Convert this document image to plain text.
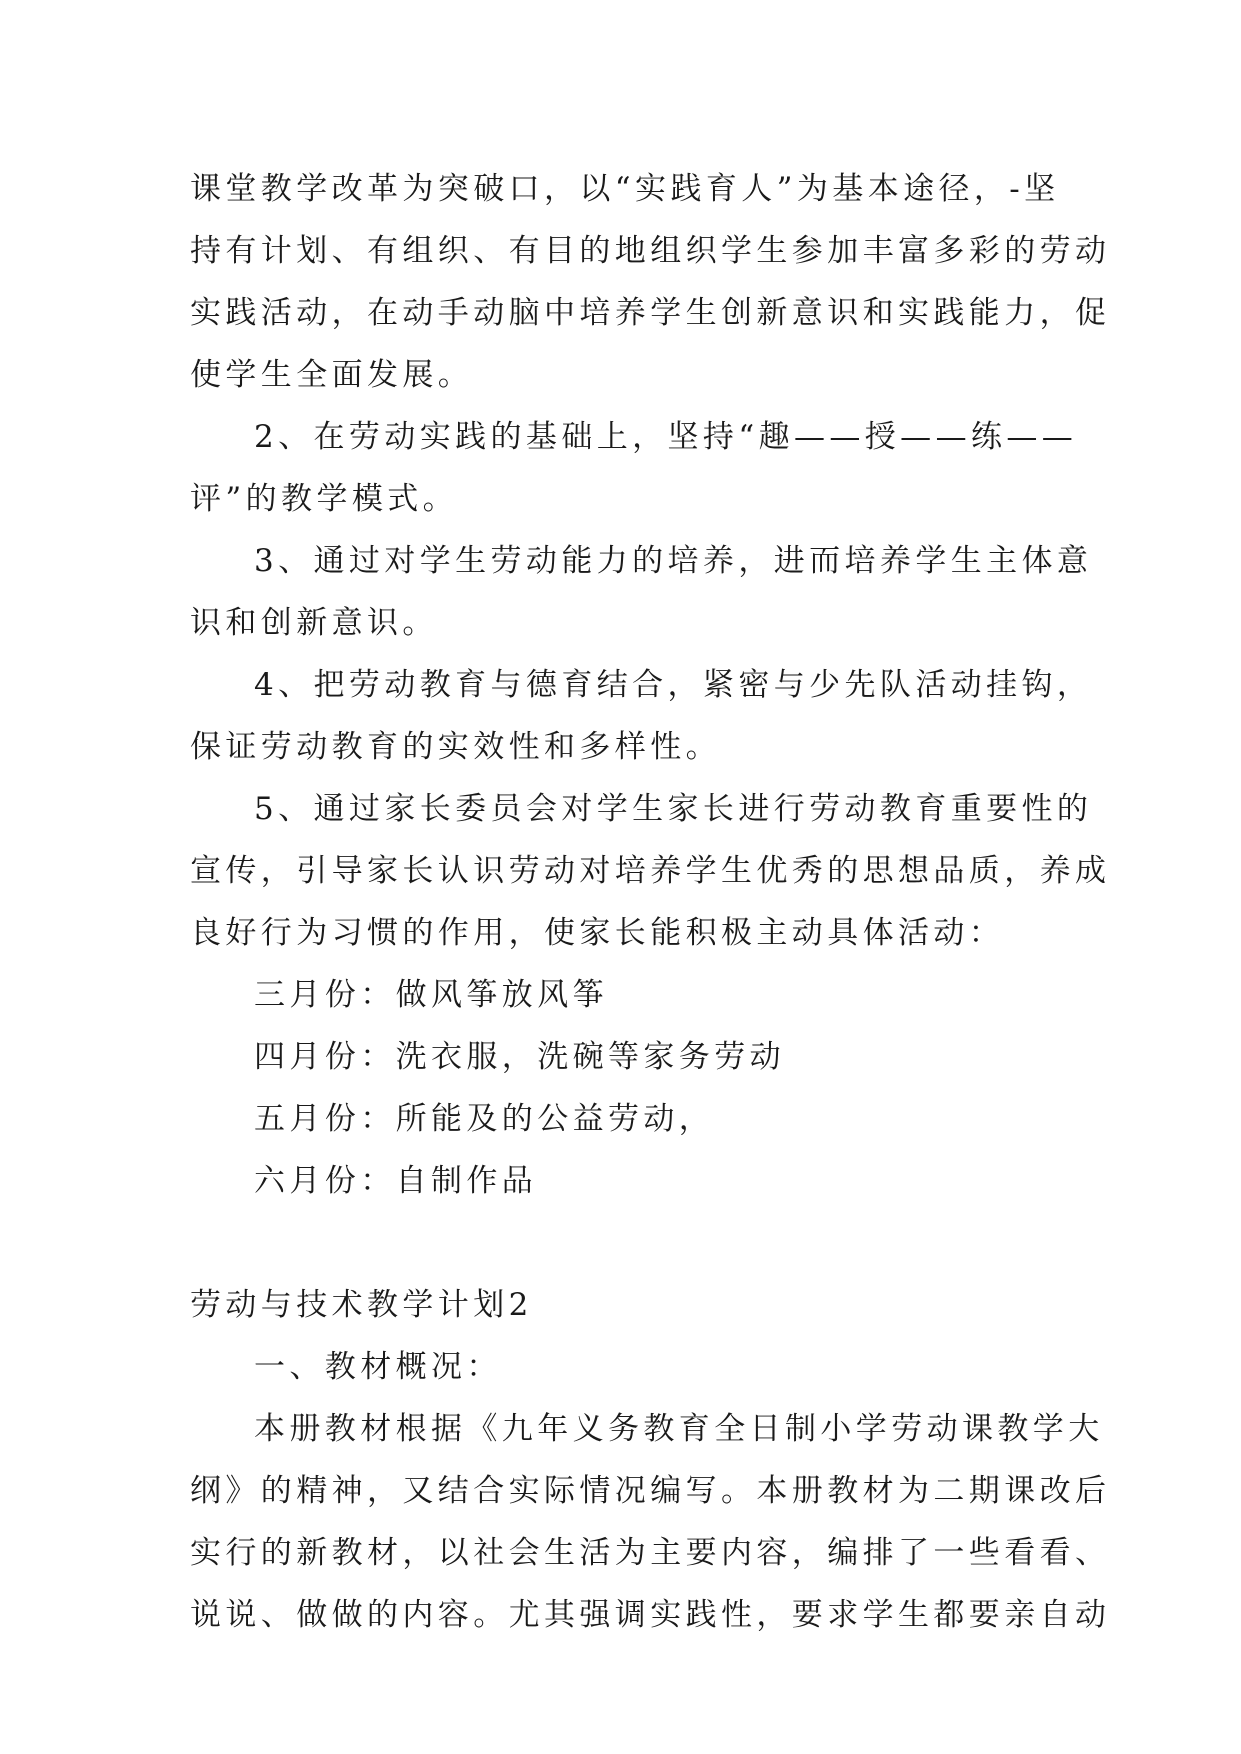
课堂教学改革为突破口，以“实践育人”为基本途径，-坚
持有计划、有组织、有目的地组织学生参加丰富多彩的劳动
实践活动，在动手动脑中培养学生创新意识和实践能力，促
使学生全面发展。
2、在劳动实践的基础上，坚持“趣——授——练——
评”的教学模式。
3、通过对学生劳动能力的培养，进而培养学生主体意
识和创新意识。
4、把劳动教育与德育结合，紧密与少先队活动挂钩，
保证劳动教育的实效性和多样性。
5、通过家长委员会对学生家长进行劳动教育重要性的
宣传，引导家长认识劳动对培养学生优秀的思想品质，养成
良好行为习惯的作用，使家长能积极主动具体活动：
三月份：做风筝放风筝
四月份：洗衣服，洗碗等家务劳动
五月份：所能及的公益劳动，
六月份：自制作品
劳动与技术教学计划2
一、教材概况：
本册教材根据《九年义务教育全日制小学劳动课教学大
纲》的精神，又结合实际情况编写。本册教材为二期课改后
实行的新教材，以社会生活为主要内容，编排了一些看看、
说说、做做的内容。尤其强调实践性，要求学生都要亲自动
